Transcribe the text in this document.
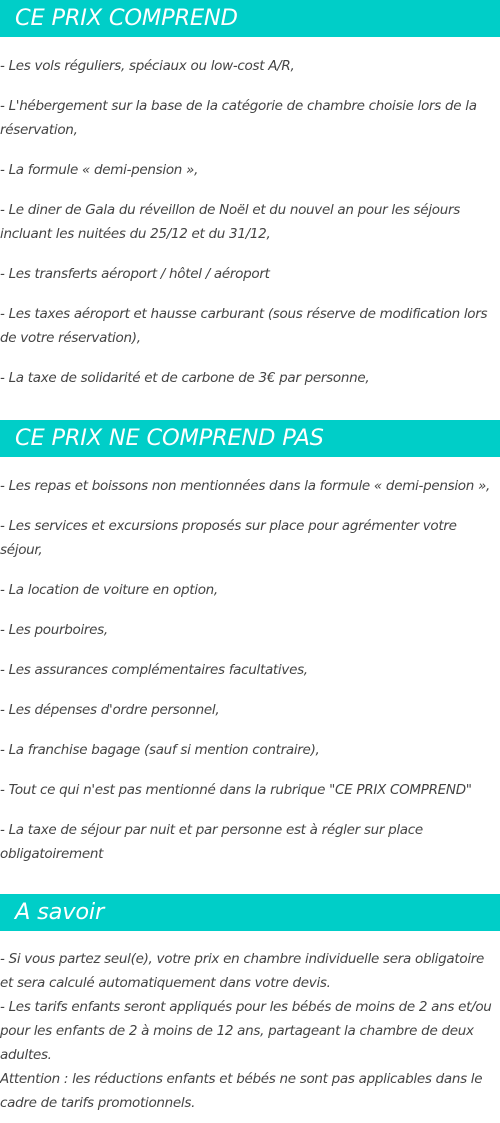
CE PRIX COMPREND

- Les vols réguliers, spéciaux ou low-cost A/R,

- L'hébergement sur la base de la catégorie de chambre choisie lors de la réservation,

- La formule « demi-pension »,

- Le diner de Gala du réveillon de Noël et du nouvel an pour les séjours incluant les nuitées du 25/12 et du 31/12,

- Les transferts aéroport / hôtel / aéroport

- Les taxes aéroport et hausse carburant (sous réserve de modification lors de votre réservation),

- La taxe de solidarité et de carbone de 3€ par personne,

CE PRIX NE COMPREND PAS

- Les repas et boissons non mentionnées dans la formule « demi-pension »,

- Les services et excursions proposés sur place pour agrémenter votre séjour,

- La location de voiture en option,

- Les pourboires,

- Les assurances complémentaires facultatives,

- Les dépenses d'ordre personnel,

- La franchise bagage (sauf si mention contraire),

- Tout ce qui n'est pas mentionné dans la rubrique "CE PRIX COMPREND"

- La taxe de séjour par nuit et par personne est à régler sur place obligatoirement

A savoir

- Si vous partez seul(e), votre prix en chambre individuelle sera obligatoire et sera calculé automatiquement dans votre devis.

- Les tarifs enfants seront appliqués pour les bébés de moins de 2 ans et/ou pour les enfants de 2 à moins de 12 ans, partageant la chambre de deux adultes.

Attention : les réductions enfants et bébés ne sont pas applicables dans le cadre de tarifs promotionnels.
